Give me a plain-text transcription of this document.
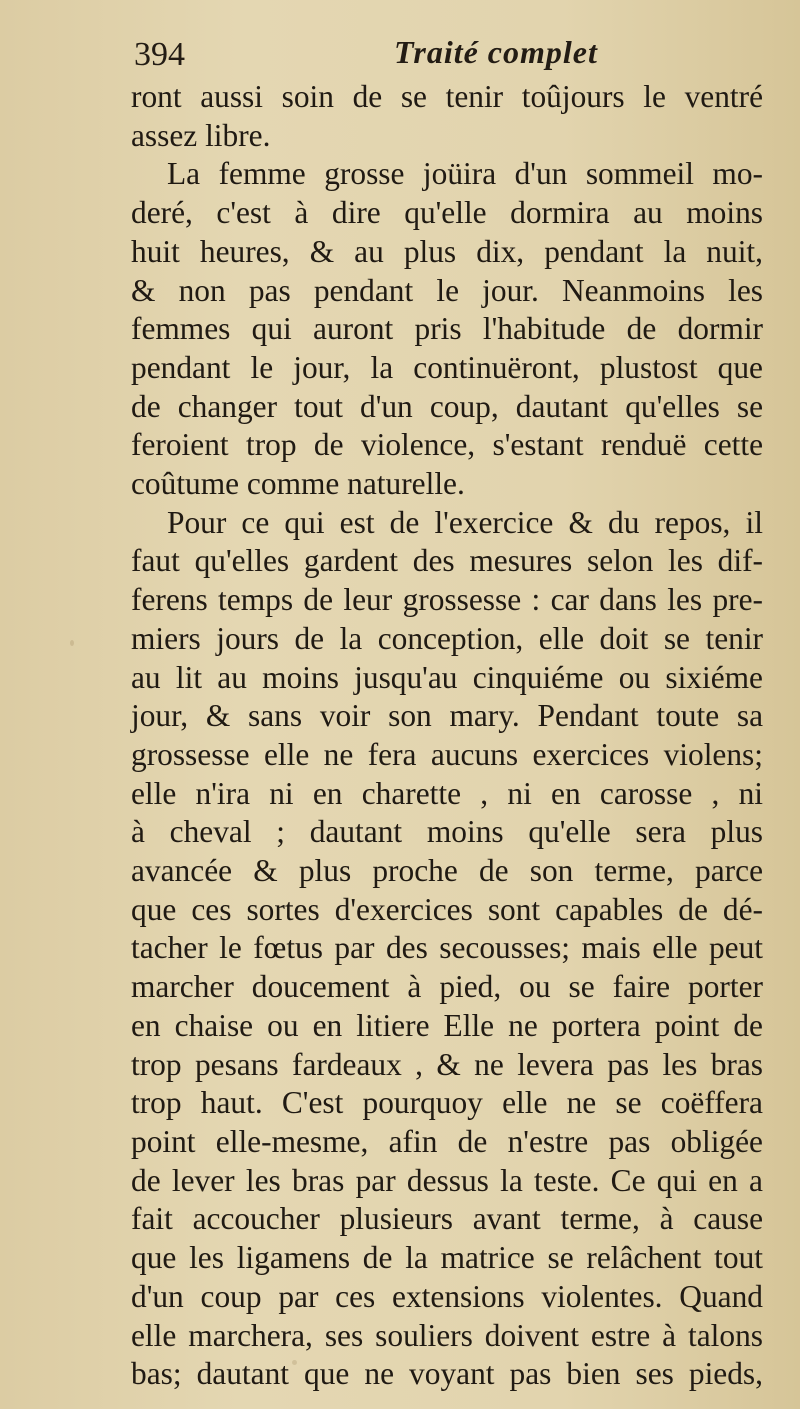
394	Traité complet
ront aussi soin de se tenir toûjours le ventré
assez libre.
La femme grosse joüira d'un sommeil mo-
deré, c'est à dire qu'elle dormira au moins
huit heures, & au plus dix, pendant la nuit,
& non pas pendant le jour. Neanmoins les
femmes qui auront pris l'habitude de dormir
pendant le jour, la continuëront, plustost que
de changer tout d'un coup, dautant qu'elles se
feroient trop de violence, s'estant renduë cette
coûtume comme naturelle.
Pour ce qui est de l'exercice & du repos, il
faut qu'elles gardent des mesures selon les dif-
ferens temps de leur grossesse : car dans les pre-
miers jours de la conception, elle doit se tenir
au lit au moins jusqu'au cinquiéme ou sixiéme
jour, & sans voir son mary. Pendant toute sa
grossesse elle ne fera aucuns exercices violens;
elle n'ira ni en charette , ni en carosse , ni
à cheval ; dautant moins qu'elle sera plus
avancée & plus proche de son terme, parce
que ces sortes d'exercices sont capables de dé-
tacher le fœtus par des secousses; mais elle peut
marcher doucement à pied, ou se faire porter
en chaise ou en litiere Elle ne portera point de
trop pesans fardeaux , & ne levera pas les bras
trop haut. C'est pourquoy elle ne se coëffera
point elle-mesme, afin de n'estre pas obligée
de lever les bras par dessus la teste. Ce qui en a
fait accoucher plusieurs avant terme, à cause
que les ligamens de la matrice se relâchent tout
d'un coup par ces extensions violentes. Quand
elle marchera, ses souliers doivent estre à talons
bas; dautant que ne voyant pas bien ses pieds,
